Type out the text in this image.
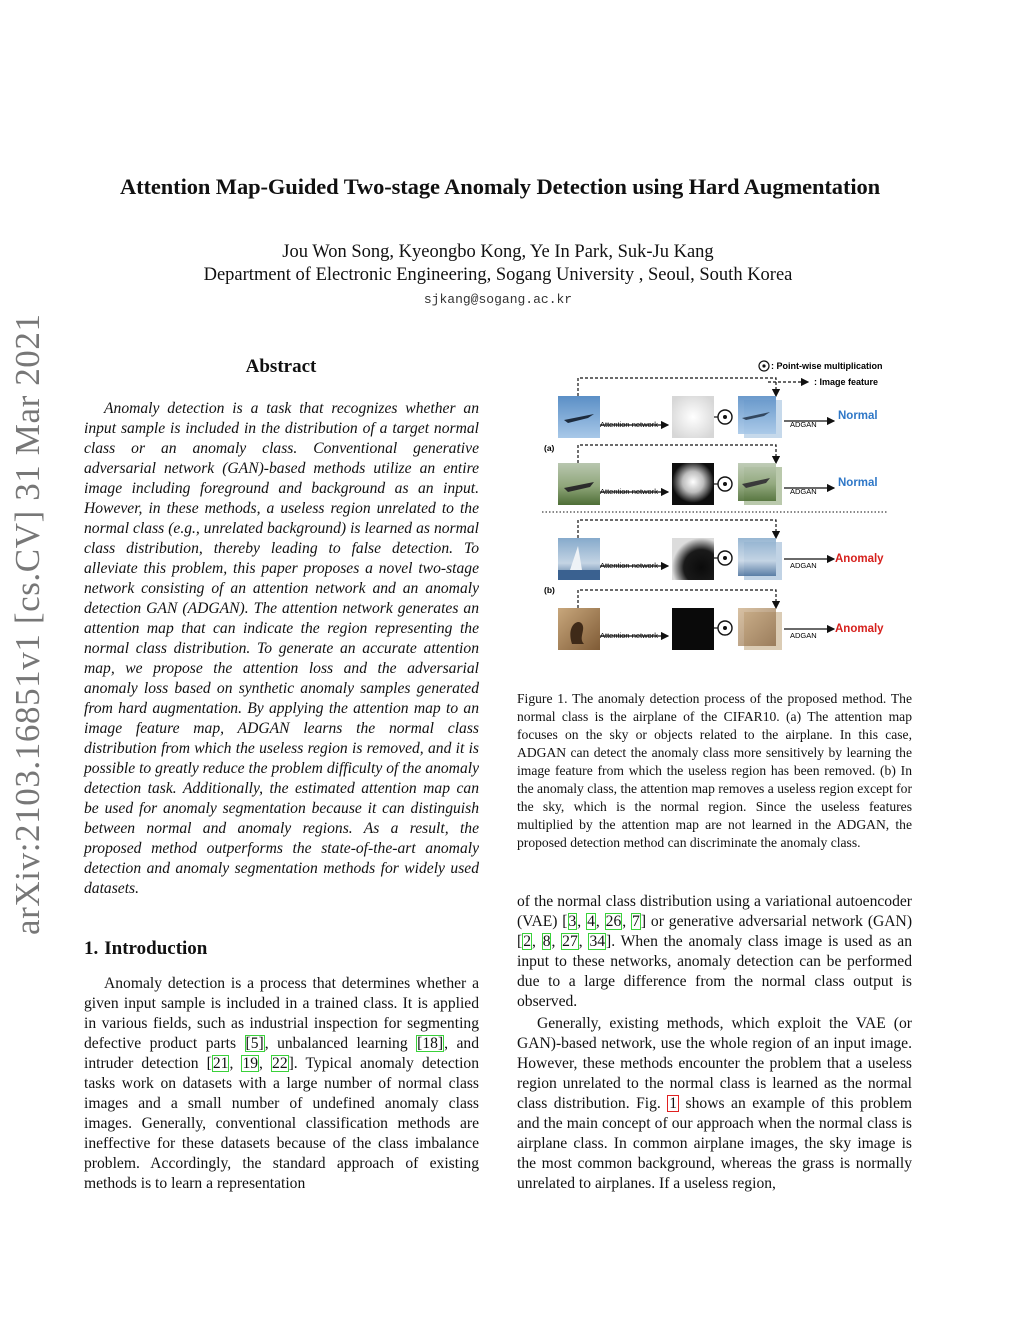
arXiv:2103.16851v1 [cs.CV] 31 Mar 2021
Attention Map-Guided Two-stage Anomaly Detection using Hard Augmentation
Jou Won Song, Kyeongbo Kong, Ye In Park, Suk-Ju Kang
Department of Electronic Engineering, Sogang University , Seoul, South Korea
sjkang@sogang.ac.kr
Abstract
Anomaly detection is a task that recognizes whether an input sample is included in the distribution of a target normal class or an anomaly class. Conventional generative adversarial network (GAN)-based methods utilize an entire image including foreground and background as an input. However, in these methods, a useless region unrelated to the normal class (e.g., unrelated background) is learned as normal class distribution, thereby leading to false detection. To alleviate this problem, this paper proposes a novel two-stage network consisting of an attention network and an anomaly detection GAN (ADGAN). The attention network generates an attention map that can indicate the region representing the normal class distribution. To generate an accurate attention map, we propose the attention loss and the adversarial anomaly loss based on synthetic anomaly samples generated from hard augmentation. By applying the attention map to an image feature map, ADGAN learns the normal class distribution from which the useless region is removed, and it is possible to greatly reduce the problem difficulty of the anomaly detection task. Additionally, the estimated attention map can be used for anomaly segmentation because it can distinguish between normal and anomaly regions. As a result, the proposed method outperforms the state-of-the-art anomaly detection and anomaly segmentation methods for widely used datasets.
1. Introduction
Anomaly detection is a process that determines whether a given input sample is included in a trained class. It is applied in various fields, such as industrial inspection for segmenting defective product parts [5], unbalanced learning [18], and intruder detection [21, 19, 22]. Typical anomaly detection tasks work on datasets with a large number of normal class images and a small number of undefined anomaly class images. Generally, conventional classification methods are ineffective for these datasets because of the class imbalance problem. Accordingly, the standard approach of existing methods is to learn a representation
: Point-wise multiplication
: Image feature
Attention network	ADGAN
Normal
(a)
Attention network	ADGAN
Normal
Attention network	ADGAN
Anomaly
(b)
Attention network	ADGAN
Anomaly
Figure 1. The anomaly detection process of the proposed method. The normal class is the airplane of the CIFAR10. (a) The attention map focuses on the sky or objects related to the airplane. In this case, ADGAN can detect the anomaly class more sensitively by learning the image feature from which the useless region has been removed. (b) In the anomaly class, the attention map removes a useless region except for the sky, which is the normal region. Since the useless features multiplied by the attention map are not learned in the ADGAN, the proposed detection method can discriminate the anomaly class.

of the normal class distribution using a variational autoencoder (VAE) [3, 4, 26, 7] or generative adversarial network (GAN) [2, 8, 27, 34]. When the anomaly class image is used as an input to these networks, anomaly detection can be performed due to a large difference from the normal class output is observed.

Generally, existing methods, which exploit the VAE (or GAN)-based network, use the whole region of an input image. However, these methods encounter the problem that a useless region unrelated to the normal class is learned as the normal class distribution. Fig. 1 shows an example of this problem and the main concept of our approach when the normal class is airplane class. In common airplane images, the sky image is the most common background, whereas the grass is normally unrelated to airplanes. If a useless region,
